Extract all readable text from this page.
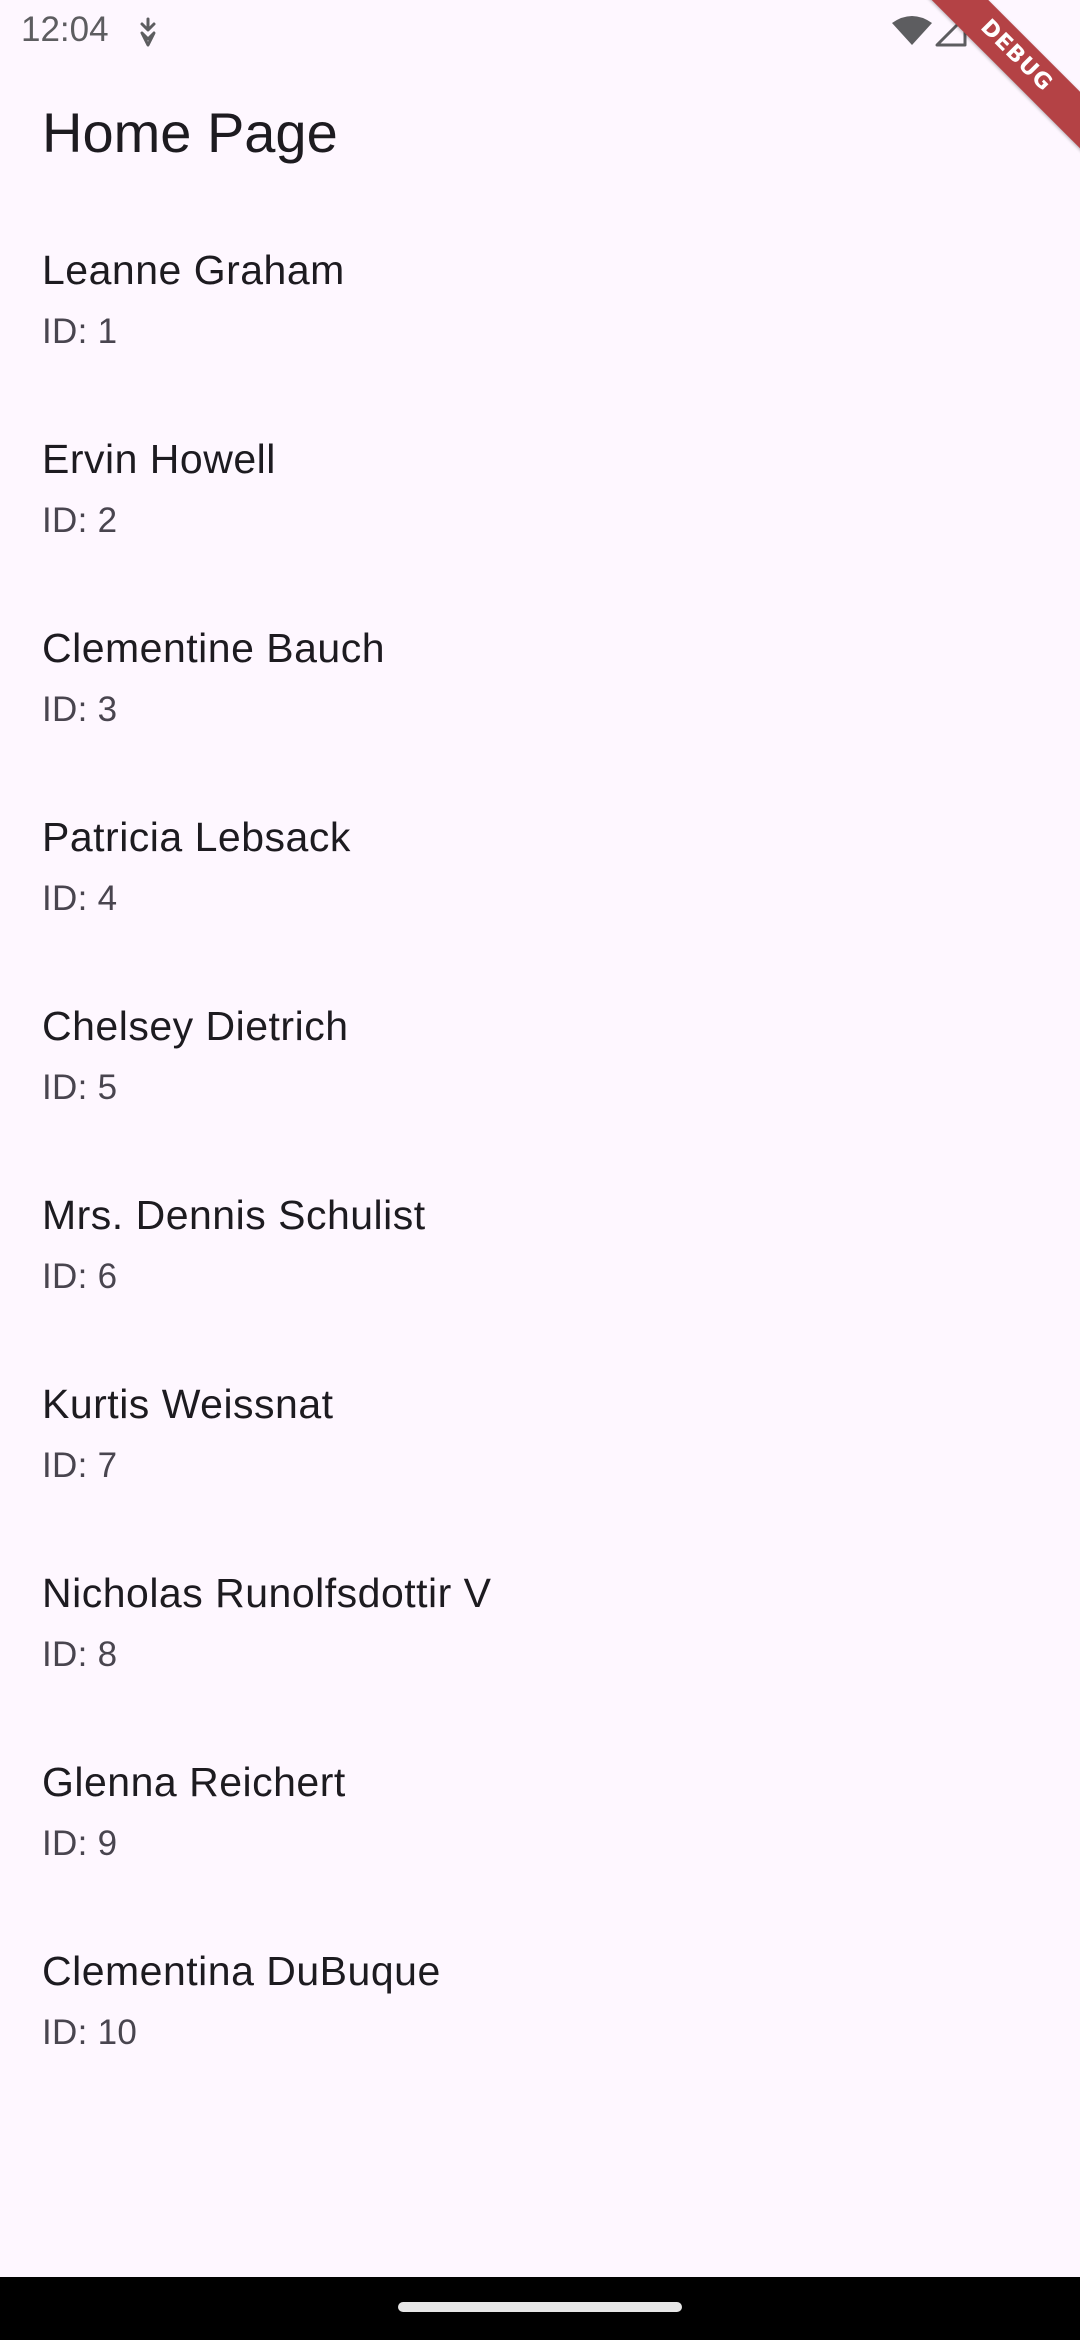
12:04	DEBUG
Home Page
Leanne Graham
ID: 1
Ervin Howell
ID: 2
Clementine Bauch
ID: 3
Patricia Lebsack
ID: 4
Chelsey Dietrich
ID: 5
Mrs. Dennis Schulist
ID: 6
Kurtis Weissnat
ID: 7
Nicholas Runolfsdottir V
ID: 8
Glenna Reichert
ID: 9
Clementina DuBuque
ID: 10
